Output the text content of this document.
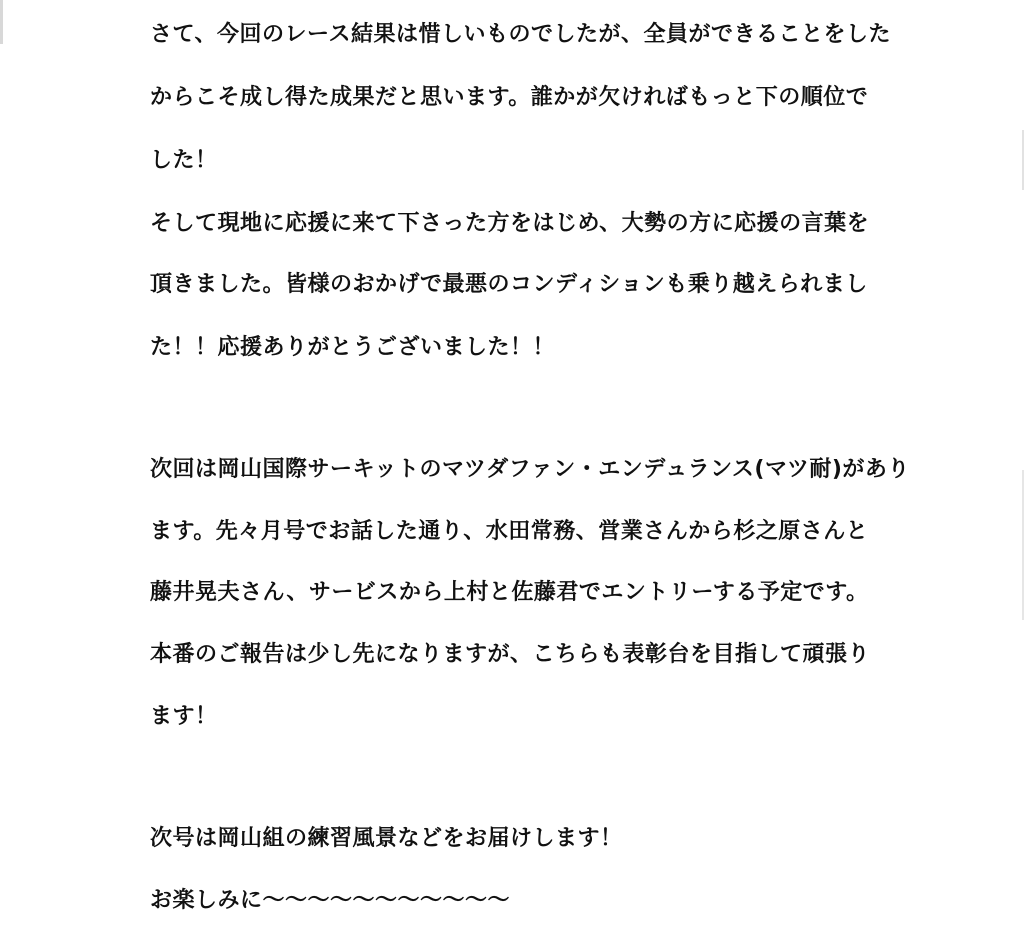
さて、今回のレース結果は惜しいものでしたが、全員ができることをした

からこそ成し得た成果だと思います。誰かが欠ければもっと下の順位で

した！

そして現地に応援に来て下さった方をはじめ、大勢の方に応援の言葉を

頂きました。皆様のおかげで最悪のコンディションも乗り越えられまし

た！！応援ありがとうございました！！

次回は岡山国際サーキットのマツダファン・エンデュランス(マツ耐)があり

ます。先々月号でお話した通り、水田常務、営業さんから杉之原さんと

藤井晃夫さん、サービスから上村と佐藤君でエントリーする予定です。

本番のご報告は少し先になりますが、こちらも表彰台を目指して頑張り

ます！

次号は岡山組の練習風景などをお届けします！

お楽しみに～～～～～～～～～～～
